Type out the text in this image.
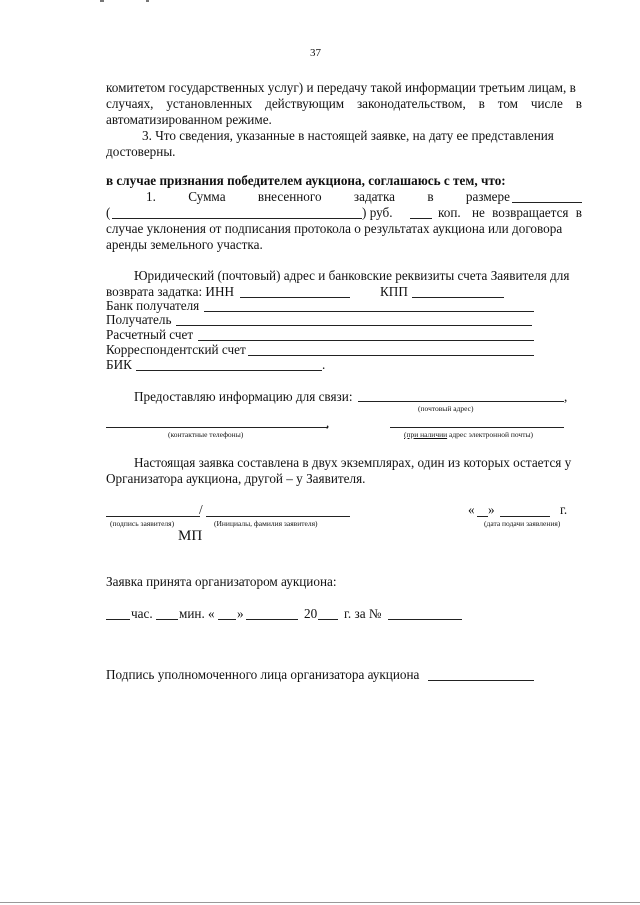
37
комитетом государственных услуг) и передачу такой информации третьим лицам, в
случаях, установленных действующим законодательством, в том числе в
автоматизированном режиме.
3. Что сведения, указанные в настоящей заявке, на дату ее представления
достоверны.
в случае признания победителем аукциона, соглашаюсь с тем, что:
1. Сумма внесенного задатка в размере
(	) руб.	коп. не возвращается в
случае уклонения от подписания протокола о результатах аукциона или договора
аренды земельного участка.
Юридический (почтовый) адрес и банковские реквизиты счета Заявителя для
возврата задатка: ИНН	КПП
Банк получателя
Получатель
Расчетный счет
Корреспондентский счет
БИК	.
Предоставляю информацию для связи:	,
(почтовый адрес)
,
(контактные телефоны)	(при наличии адрес электронной почты)
Настоящая заявка составлена в двух экземплярах, один из которых остается у
Организатора аукциона, другой – у Заявителя.
/	« »	г.
(подпись заявителя)	(Инициалы, фамилия заявителя)	(дата подачи заявления)
МП
Заявка принята организатором аукциона:
час. мин. « »	20 г. за №
Подпись уполномоченного лица организатора аукциона
